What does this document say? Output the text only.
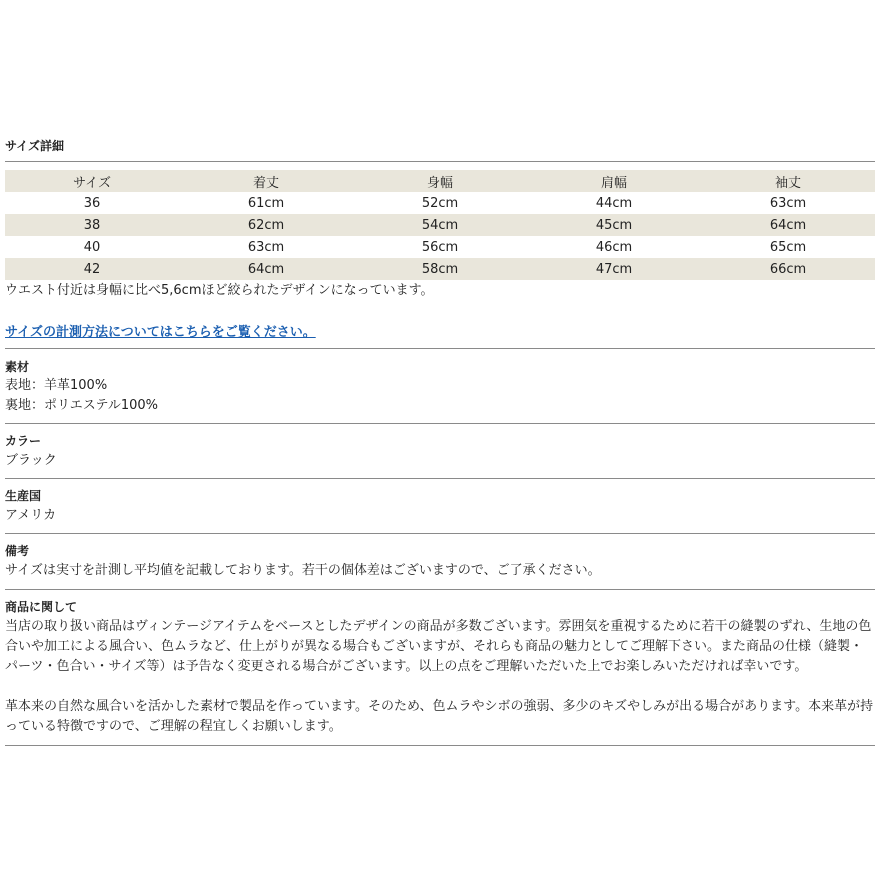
サイズ詳細
サイズ	着丈	身幅	肩幅	袖丈
36	61cm	52cm	44cm	63cm
38	62cm	54cm	45cm	64cm
40	63cm	56cm	46cm	65cm
42	64cm	58cm	47cm	66cm
ウエスト付近は身幅に比べ5,6cmほど絞られたデザインになっています。
サイズの計測方法についてはこちらをご覧ください。
素材
表地：羊革100%
裏地：ポリエステル100%
カラー
ブラック
生産国
アメリカ
備考
サイズは実寸を計測し平均値を記載しております。若干の個体差はございますので、ご了承ください。
商品に関して
当店の取り扱い商品はヴィンテージアイテムをベースとしたデザインの商品が多数ございます。雰囲気を重視するために若干の縫製のずれ、生地の色合いや加工による風合い、色ムラなど、仕上がりが異なる場合もございますが、それらも商品の魅力としてご理解下さい。また商品の仕様（縫製・パーツ・色合い・サイズ等）は予告なく変更される場合がございます。以上の点をご理解いただいた上でお楽しみいただければ幸いです。
革本来の自然な風合いを活かした素材で製品を作っています。そのため、色ムラやシボの強弱、多少のキズやしみが出る場合があります。本来革が持っている特徴ですので、ご理解の程宜しくお願いします。
